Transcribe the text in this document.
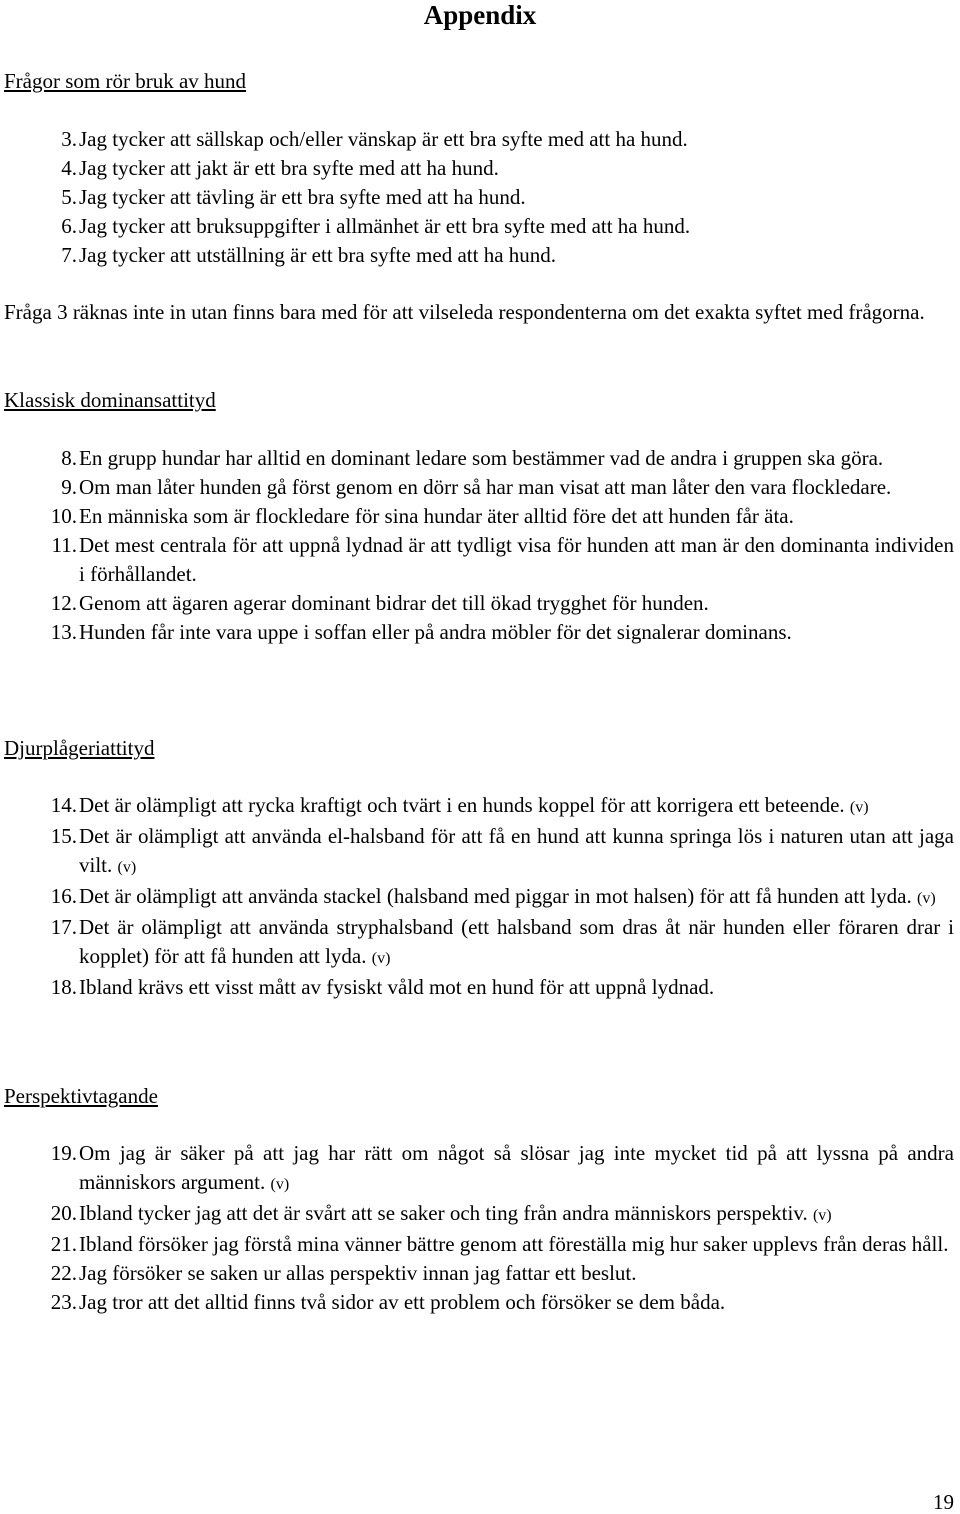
Appendix
Frågor som rör bruk av hund
3. Jag tycker att sällskap och/eller vänskap är ett bra syfte med att ha hund.
4. Jag tycker att jakt är ett bra syfte med att ha hund.
5. Jag tycker att tävling är ett bra syfte med att ha hund.
6. Jag tycker att bruksuppgifter i allmänhet är ett bra syfte med att ha hund.
7. Jag tycker att utställning är ett bra syfte med att ha hund.
Fråga 3 räknas inte in utan finns bara med för att vilseleda respondenterna om det exakta syftet med frågorna.
Klassisk dominansattityd
8. En grupp hundar har alltid en dominant ledare som bestämmer vad de andra i gruppen ska göra.
9. Om man låter hunden gå först genom en dörr så har man visat att man låter den vara flockledare.
10. En människa som är flockledare för sina hundar äter alltid före det att hunden får äta.
11. Det mest centrala för att uppnå lydnad är att tydligt visa för hunden att man är den dominanta individen i förhållandet.
12. Genom att ägaren agerar dominant bidrar det till ökad trygghet för hunden.
13. Hunden får inte vara uppe i soffan eller på andra möbler för det signalerar dominans.
Djurplågeriattityd
14. Det är olämpligt att rycka kraftigt och tvärt i en hunds koppel för att korrigera ett beteende. (v)
15. Det är olämpligt att använda el-halsband för att få en hund att kunna springa lös i naturen utan att jaga vilt. (v)
16. Det är olämpligt att använda stackel (halsband med piggar in mot halsen) för att få hunden att lyda. (v)
17. Det är olämpligt att använda stryphalsband (ett halsband som dras åt när hunden eller föraren drar i kopplet) för att få hunden att lyda. (v)
18. Ibland krävs ett visst mått av fysiskt våld mot en hund för att uppnå lydnad.
Perspektivtagande
19. Om jag är säker på att jag har rätt om något så slösar jag inte mycket tid på att lyssna på andra människors argument. (v)
20. Ibland tycker jag att det är svårt att se saker och ting från andra människors perspektiv. (v)
21. Ibland försöker jag förstå mina vänner bättre genom att föreställa mig hur saker upplevs från deras håll.
22. Jag försöker se saken ur allas perspektiv innan jag fattar ett beslut.
23. Jag tror att det alltid finns två sidor av ett problem och försöker se dem båda.
19
